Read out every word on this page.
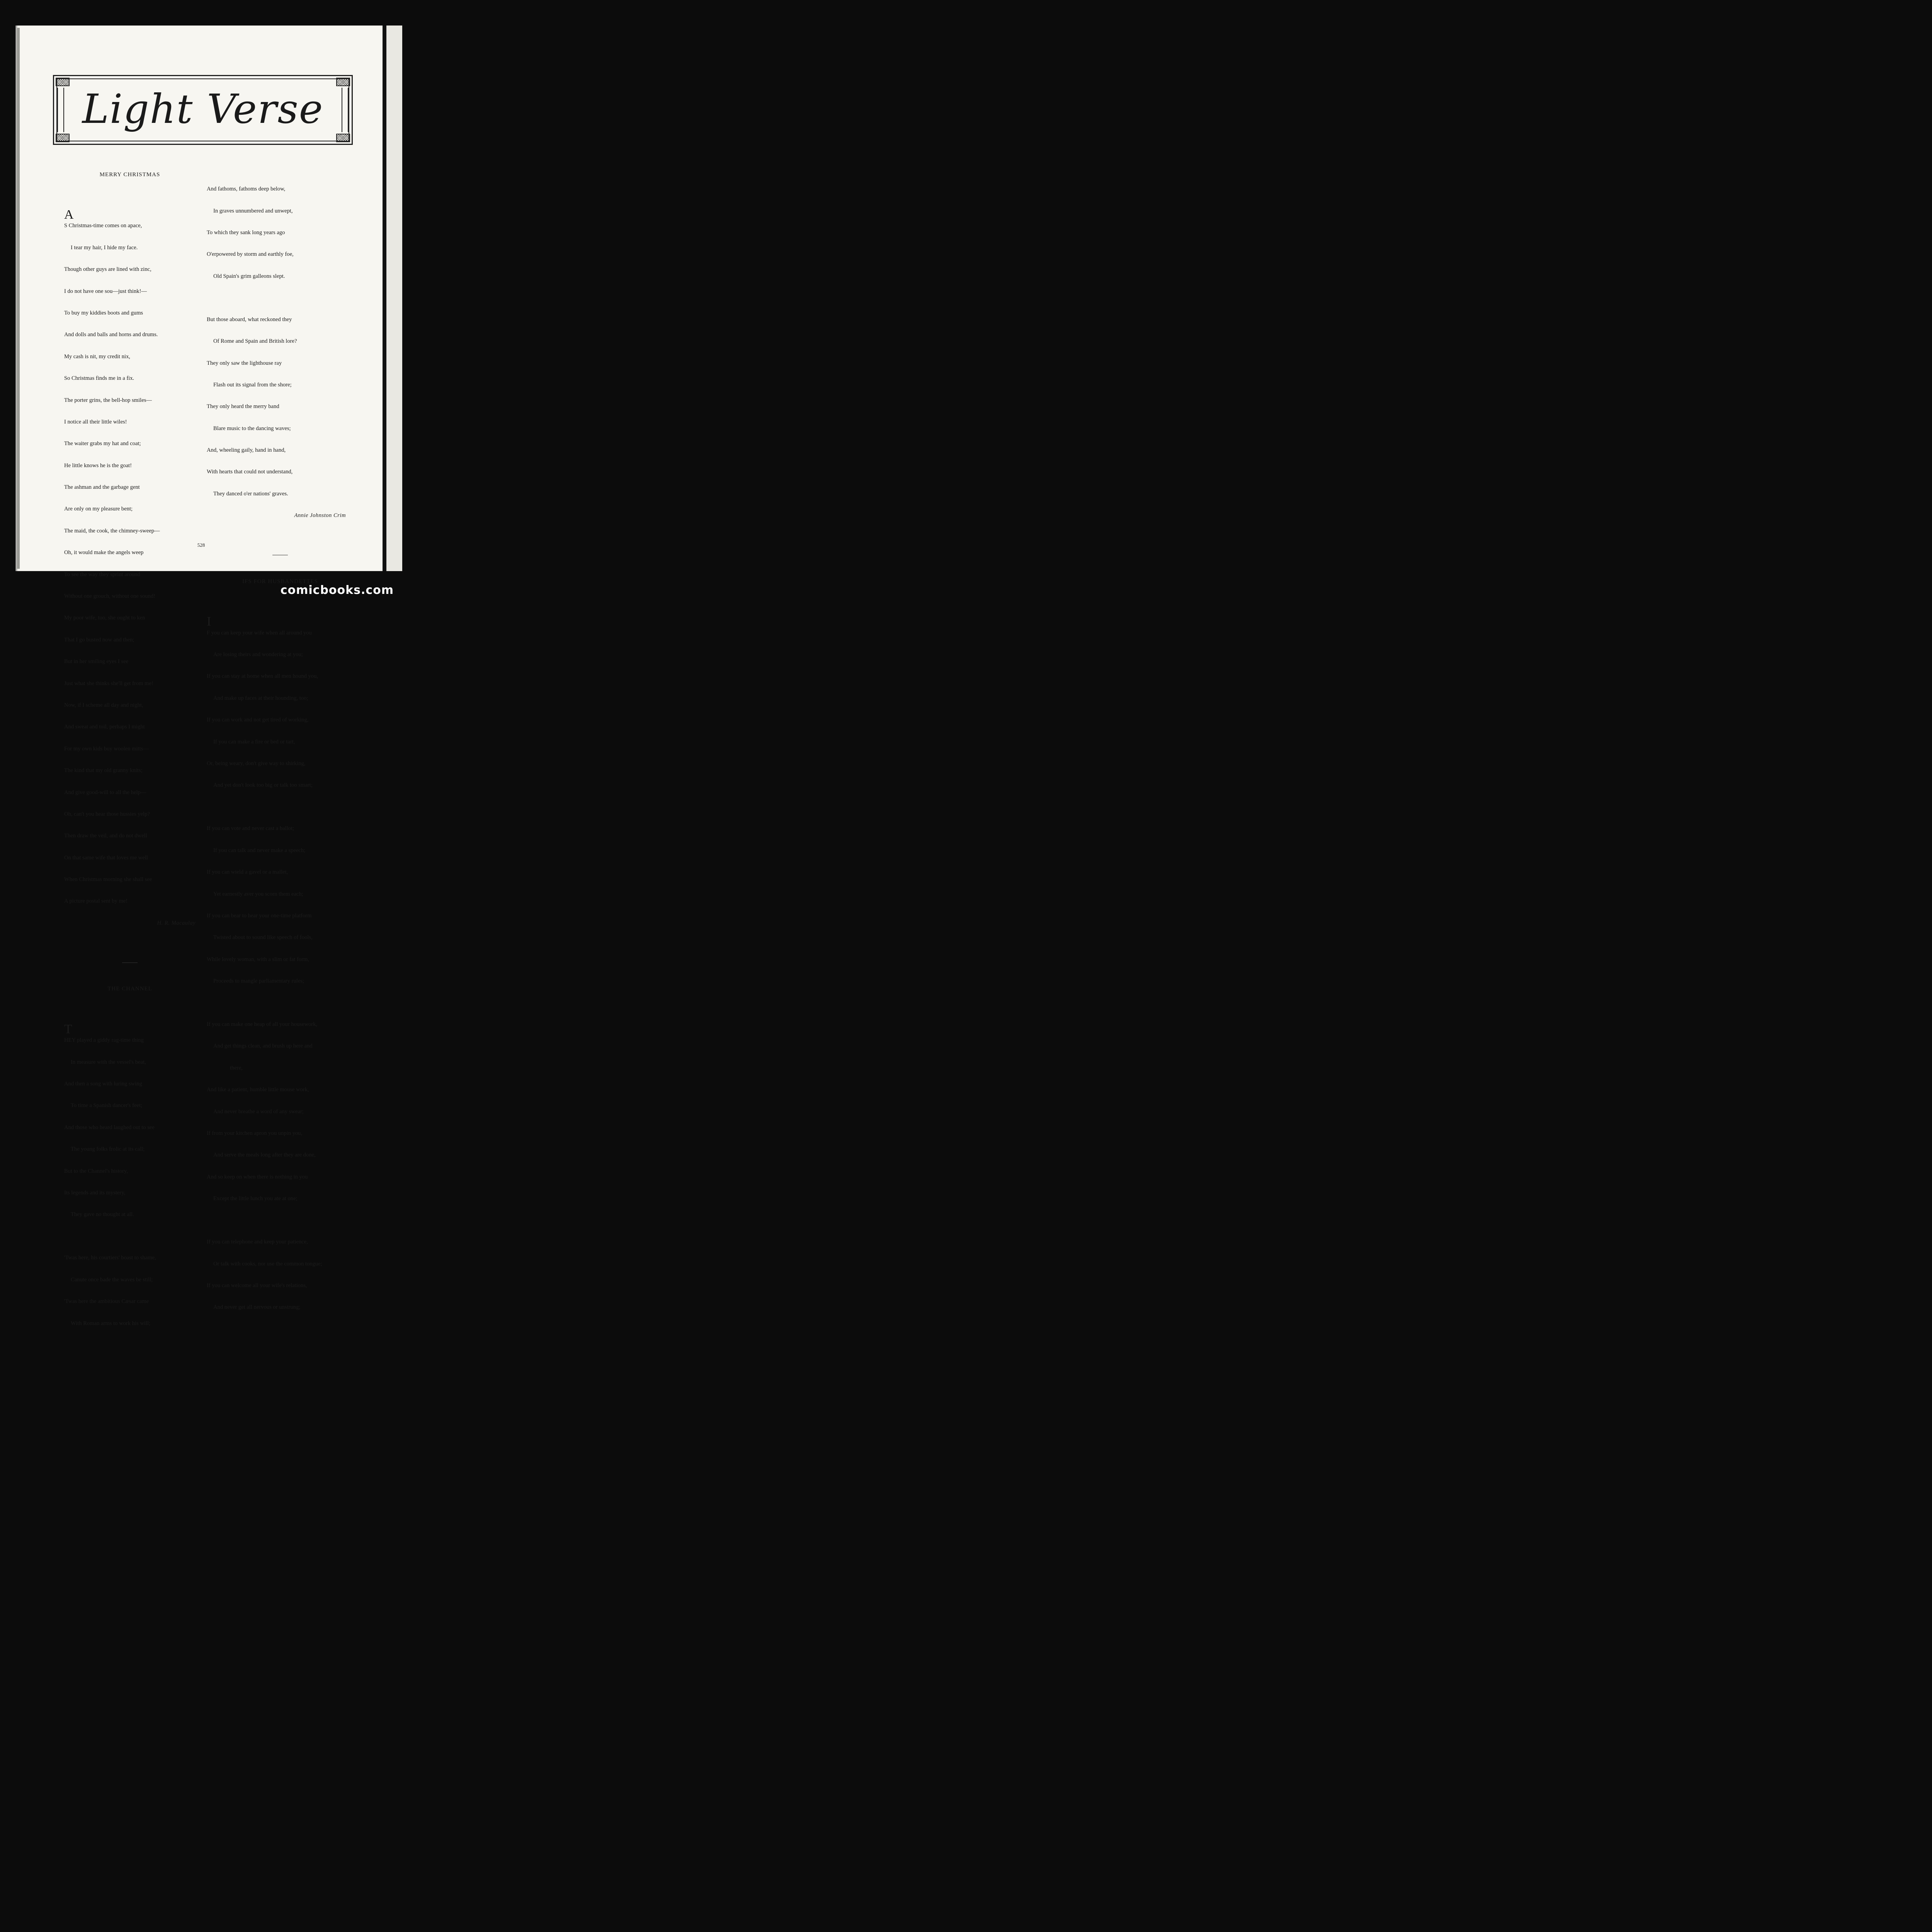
Light Verse

MERRY CHRISTMAS

A

S Christmas-time comes on apace,

I tear my hair, I hide my face.

Though other guys are lined with zinc,

I do not have one sou—just think!—

To buy my kiddies boots and gums

And dolls and balls and horns and drums.

My cash is nit, my credit nix,

So Christmas finds me in a fix.

The porter grins, the bell-hop smiles—

I notice all their little wiles!

The waiter grabs my hat and coat;

He little knows he is the goat!

The ashman and the garbage gent

Are only on my pleasure bent;

The maid, the cook, the chimney-sweep—

Oh, it would make the angels weep

To see the way they sprint around

Without one grouch, without one sound!

My poor wife, too, she ought to ken

That I go busted now and then;

But in her smiling eyes I see

Just what she thinks she'll get from me!

Now, if I scheme all day and night,

And sweat and toil, perhaps I might

For my own kids buy woolen mitts—

The kind that my old granny knits;

And give good-will to all the help—

Oh, can't you hear those hussies yelp?

Then draw the veil, and do not dwell

On that same wife that loves me well

When Christmas morning she shall see

A picture postal sent by me!

H. R. Macaulay

THE CHANNEL

T

HEY played a giddy rag-time thing

In measure with the vessel's beat,

And then a song with luring swing

To time a Spanish dancer's feet;

And those who heard laughed out to see

The young folks frolic at its call;

But to the Channel's history,

Its legends and its mystery,

They gave no thought at all.

'Twas here, his courtiers' boast to shame,

Canute once bade the waves be still;

'Twas here the ambitious Cæsar came

With Roman arms to work his will;

And fathoms, fathoms deep below,

In graves unnumbered and unwept,

To which they sank long years ago

O'erpowered by storm and earthly foe,

Old Spain's grim galleons slept.

But those aboard, what reckoned they

Of Rome and Spain and British lore?

They only saw the lighthouse ray

Flash out its signal from the shore;

They only heard the merry band

Blare music to the dancing waves;

And, wheeling gaily, hand in hand,

With hearts that could not understand,

They danced o'er nations' graves.

Annie Johnston Crim

IFS FOR HUSBANDETTES

I

F you can keep your wife when all around you

Are losing theirs and wondering at you;

If you can stay at home when all men hound you,

And make up faces at their hounding, too;

If you can work and not get tired of working,

If you can make a fire or bed or tart,

Or, being weary, don't give way to shirking,

And yet don't look too big or talk too smart;

If you can vote and never cast a ballot;

If you can talk and never make a speech;

If you can wield a gavel or a mallet,

Yet earnestly aver you scorn them each;

If you can bear to hear your one-time platform

Twisted about to sound like speech of fools,

While lovely woman, with a slim or fat form,

Proceeds to mangle parliamentary rules;

If you can make one heap of all your housework,

And get things clean, and brush up here and

there,

And like a patient, humble little mouse work,

And never breathe a word of any swear;

If from your kitchen apron you unpin you,

And serve the meals long after they are done,

And so keep on when there is nothing in you

Except the little lunch you ate at one;

If you can telephone and keep your patience,

Or talk with cooks, nor use the common tongue;

If you can welcome all your wife's relations,

And never get all nervous or unstrung;

528
comicbooks.com
